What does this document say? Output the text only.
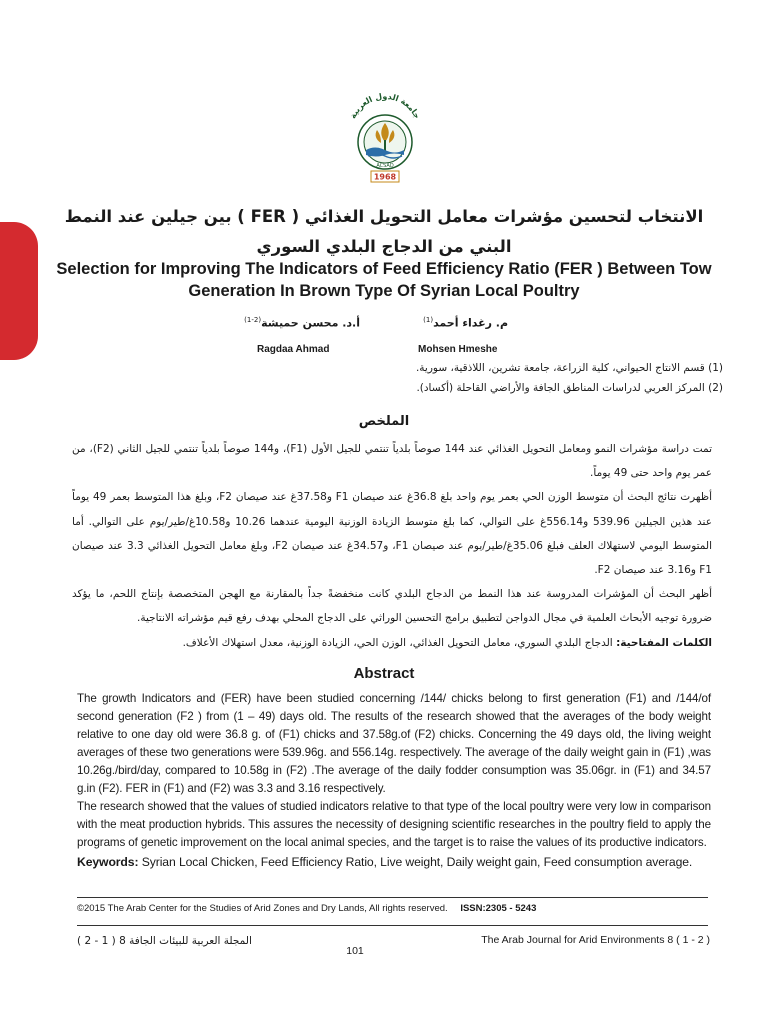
جامعة الدول العربية
ACSAD
1968
الانتخاب لتحسين مؤشرات معامل التحويل الغذائي ( FER ) بين جيلين عند النمط البني من الدجاج البلدي السوري
Selection for Improving The Indicators of Feed Efficiency Ratio (FER ) Between Tow Generation In Brown Type Of Syrian Local Poultry
م. رغداء أحمد$^{(1)}$
أ.د. محسن حميشة$^{(2-1)}$
Ragdaa Ahmad	Mohsen Hmeshe
(1) قسم الانتاج الحيواني، كلية الزراعة، جامعة تشرين، اللاذقية، سورية.
(2) المركز العربي لدراسات المناطق الجافة والأراضي القاحلة (أكساد).
الملخص

تمت دراسة مؤشرات النمو ومعامل التحويل الغذائي عند 144 صوصاً بلدياً تنتمي للجيل الأول (F1)، و144 صوصاً بلدياً تنتمي للجيل الثاني (F2)، من عمر يوم واحد حتى 49 يوماً.

أظهرت نتائج البحث أن متوسط الوزن الحي بعمر يوم واحد بلغ 36.8غ عند صيصان F1 و37.58غ عند صيصان F2، وبلغ هذا المتوسط بعمر 49 يوماً عند هذين الجيلين 539.96 و556.14غ على التوالي، كما بلغ متوسط الزيادة الوزنية اليومية عندهما 10.26 و10.58غ/طير/يوم على التوالي. أما المتوسط اليومي لاستهلاك العلف فبلغ 35.06غ/طير/يوم عند صيصان F1، و34.57غ عند صيصان F2، وبلغ معامل التحويل الغذائي 3.3 عند صيصان F1 و3.16 عند صيصان F2.

أظهر البحث أن المؤشرات المدروسة عند هذا النمط من الدجاج البلدي كانت منخفضةً جداً بالمقارنة مع الهجن المتخصصة بإنتاج اللحم، ما يؤكد ضرورة توجيه الأبحاث العلمية في مجال الدواجن لتطبيق برامج التحسين الوراثي على الدجاج المحلي بهدف رفع قيم مؤشراته الانتاجية.

الكلمات المفتاحية: الدجاج البلدي السوري، معامل التحويل الغذائي، الوزن الحي، الزيادة الوزنية، معدل استهلاك الأعلاف.

Abstract

The growth Indicators and (FER) have been studied concerning /144/ chicks belong to first generation (F1) and /144/of second generation (F2 ) from (1 – 49) days old. The results of the research showed that the averages of the body weight relative to one day old were 36.8 g. of (F1) chicks and 37.58g.of (F2) chicks. Concerning the 49 days old, the living weight averages of these two generations were 539.96g. and 556.14g. respectively. The average of the daily weight gain in (F1) ,was 10.26g./bird/day, compared to 10.58g in (F2) .The average of the daily fodder consumption was 35.06gr. in (F1) and 34.57 g.in (F2). FER in (F1) and (F2) was 3.3 and 3.16 respectively.

The research showed that the values of studied indicators relative to that type of the local poultry were very low in comparison with the meat production hybrids. This assures the necessity of designing scientific researches in the poultry field to apply the programs of genetic improvement on the local animal species, and the target is to raise the values of its productive indicators.

Keywords: Syrian Local Chicken, Feed Efficiency Ratio, Live weight, Daily weight gain, Feed consumption average.

©2015 The Arab Center for the Studies of Arid Zones and Dry Lands, All rights reserved. ISSN:2305 - 5243
المجلة العربية للبيئات الجافة 8 ( 1 - 2 )	The Arab Journal for Arid Environments 8 ( 1 - 2 )
101
